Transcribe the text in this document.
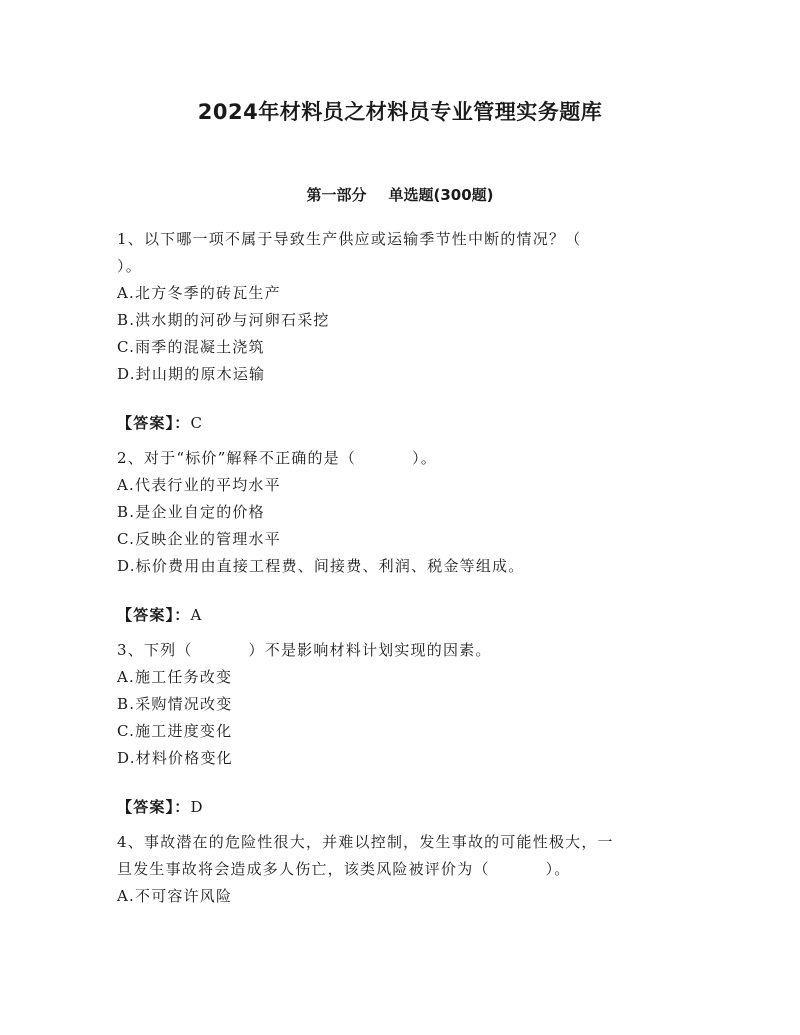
2024年材料员之材料员专业管理实务题库
第一部分 单选题(300题)
1、以下哪一项不属于导致生产供应或运输季节性中断的情况？（
）。
A.北方冬季的砖瓦生产
B.洪水期的河砂与河卵石采挖
C.雨季的混凝土浇筑
D.封山期的原木运输
【答案】：C
2、对于“标价”解释不正确的是（	）。
A.代表行业的平均水平
B.是企业自定的价格
C.反映企业的管理水平
D.标价费用由直接工程费、间接费、利润、税金等组成。
【答案】：A
3、下列（	）不是影响材料计划实现的因素。
A.施工任务改变
B.采购情况改变
C.施工进度变化
D.材料价格变化
【答案】：D
4、事故潜在的危险性很大，并难以控制，发生事故的可能性极大，一
旦发生事故将会造成多人伤亡，该类风险被评价为（	）。
A.不可容许风险
